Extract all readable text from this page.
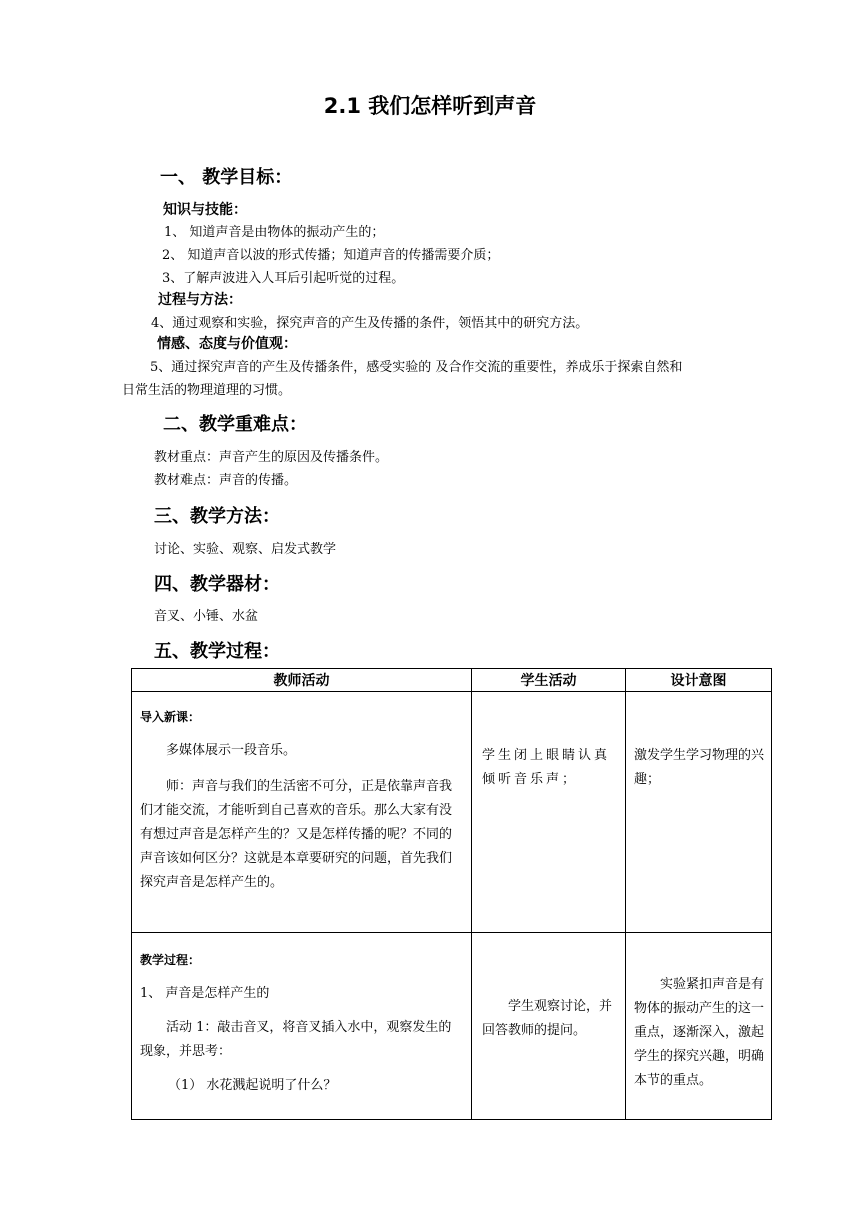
2.1 我们怎样听到声音
一、 教学目标：
知识与技能：
1、 知道声音是由物体的振动产生的；
2、 知道声音以波的形式传播；知道声音的传播需要介质；
3、了解声波进入人耳后引起听觉的过程。
过程与方法：
4、通过观察和实验，探究声音的产生及传播的条件，领悟其中的研究方法。
情感、态度与价值观：
5、通过探究声音的产生及传播条件，感受实验的 及合作交流的重要性，养成乐于探索自然和
日常生活的物理道理的习惯。
二、教学重难点：
教材重点：声音产生的原因及传播条件。
教材难点：声音的传播。
三、教学方法：
讨论、实验、观察、启发式教学
四、教学器材：
音叉、小锤、水盆
五、教学过程：
教师活动	学生活动	设计意图

导入新课：

多媒体展示一段音乐。

师：声音与我们的生活密不可分，正是依靠声音我们才能交流，才能听到自己喜欢的音乐。那么大家有没有想过声音是怎样产生的？又是怎样传播的呢？不同的声音该如何区分？这就是本章要研究的问题，首先我们探究声音是怎样产生的。	学生闭上眼睛认真倾听音乐声；	激发学生学习物理的兴趣；

教学过程：

1、 声音是怎样产生的

活动 1：敲击音叉，将音叉插入水中，观察发生的现象，并思考：

（1） 水花溅起说明了什么？	学生观察讨论，并回答教师的提问。	实验紧扣声音是有物体的振动产生的这一重点，逐渐深入，激起学生的探究兴趣，明确本节的重点。
